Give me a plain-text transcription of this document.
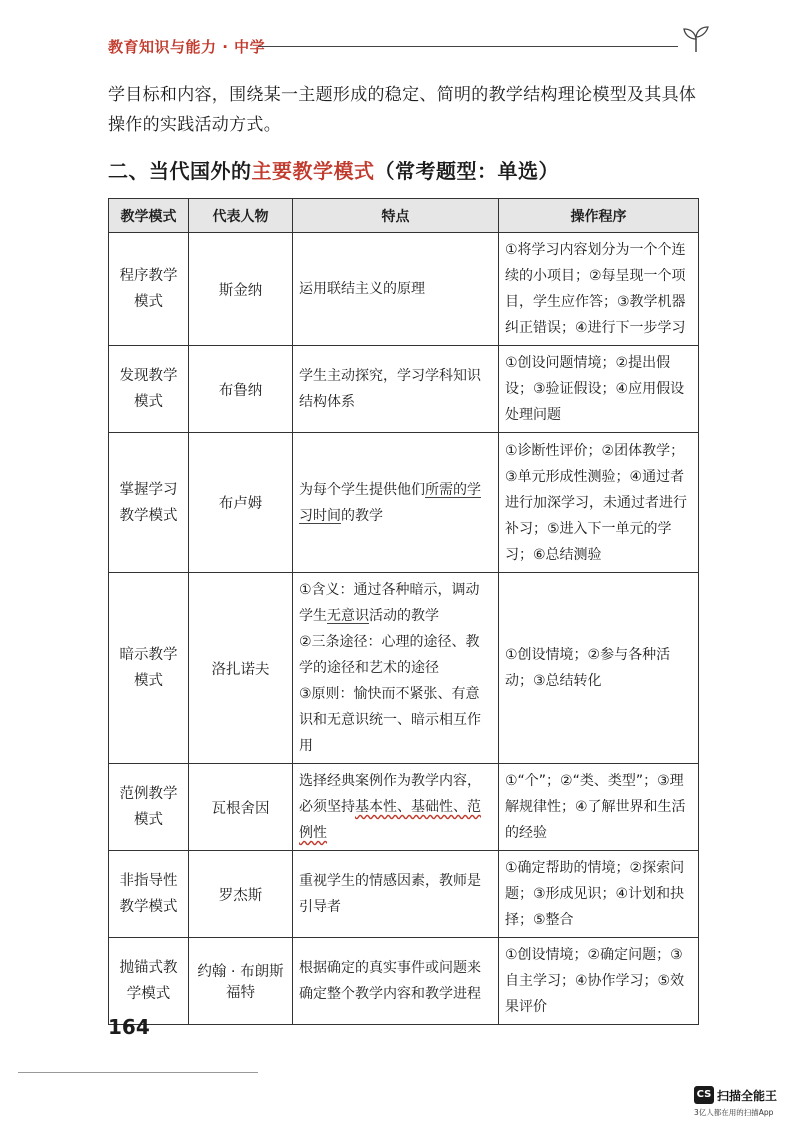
教育知识与能力 · 中学

学目标和内容，围绕某一主题形成的稳定、简明的教学结构理论模型及其具体操作的实践活动方式。

二、当代国外的主要教学模式（常考题型：单选）
教学模式	代表人物	特点	操作程序
程序教学模式	斯金纳	运用联结主义的原理	①将学习内容划分为一个个连续的小项目；②每呈现一个项目，学生应作答；③教学机器纠正错误；④进行下一步学习
发现教学模式	布鲁纳	学生主动探究，学习学科知识结构体系	①创设问题情境；②提出假设；③验证假设；④应用假设处理问题
掌握学习教学模式	布卢姆	为每个学生提供他们所需的学习时间的教学	①诊断性评价；②团体教学；③单元形成性测验；④通过者进行加深学习，未通过者进行补习；⑤进入下一单元的学习；⑥总结测验
暗示教学模式	洛扎诺夫	①含义：通过各种暗示，调动学生无意识活动的教学
②三条途径：心理的途径、教学的途径和艺术的途径
③原则：愉快而不紧张、有意识和无意识统一、暗示相互作用	①创设情境；②参与各种活动；③总结转化
范例教学模式	瓦根舍因	选择经典案例作为教学内容，必须坚持基本性、基础性、范例性	①“个”；②“类、类型”；③理解规律性；④了解世界和生活的经验
非指导性教学模式	罗杰斯	重视学生的情感因素，教师是引导者	①确定帮助的情境；②探索问题；③形成见识；④计划和抉择；⑤整合
抛锚式教学模式	约翰 · 布朗斯福特	根据确定的真实事件或问题来确定整个教学内容和教学进程	①创设情境；②确定问题；③自主学习；④协作学习；⑤效果评价
164
CS 扫描全能王
3亿人都在用的扫描App
